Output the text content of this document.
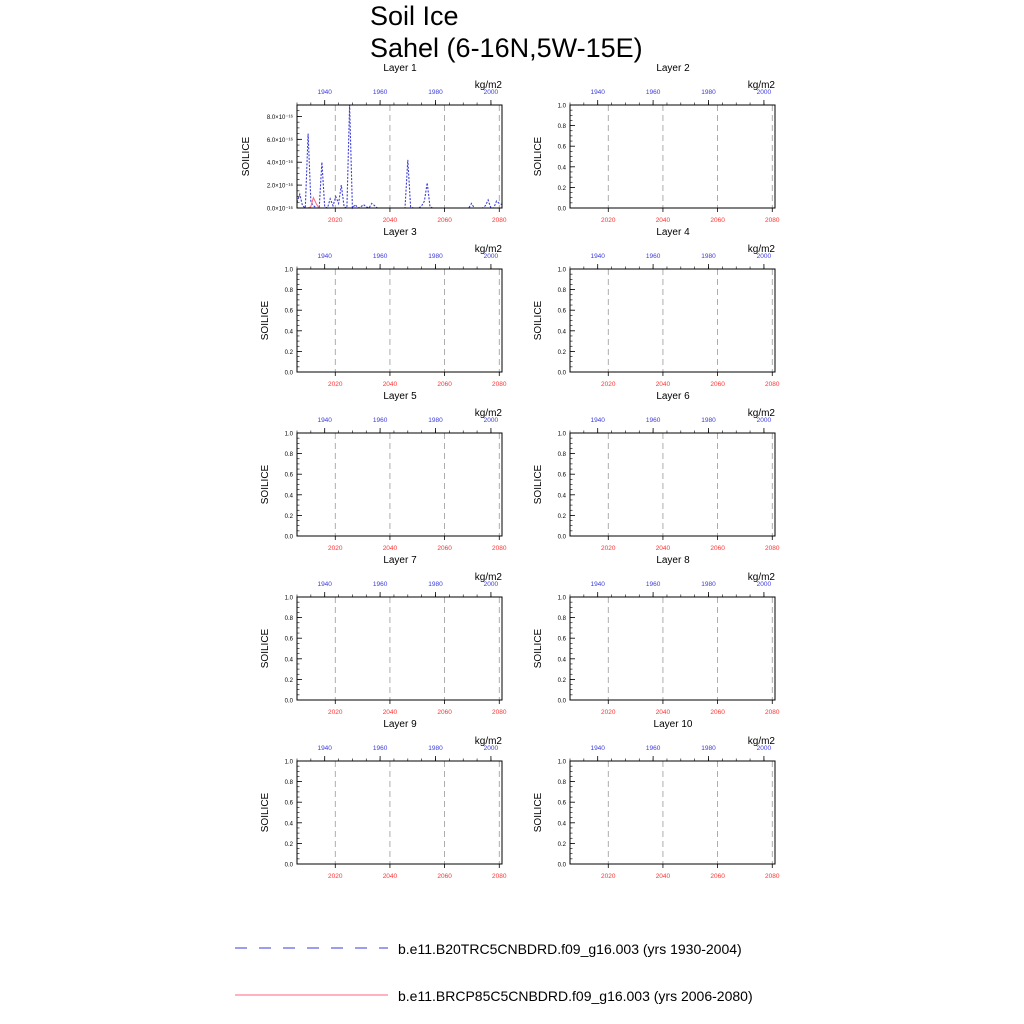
Soil Ice
Sahel (6-16N,5W-15E)
Layer 1
kg/m2
SOILICE
0.0×10⁻¹⁶
2.0×10⁻¹⁶
4.0×10⁻¹⁶
6.0×10⁻¹⁶
8.0×10⁻¹⁶
1940	1960	1980	2000
2020	2040	2060	2080
Layer 2
kg/m2
SOILICE
0.0
0.2
0.4
0.6
0.8
1.0
1940	1960	1980	2000
2020	2040	2060	2080
Layer 3
kg/m2
SOILICE
0.0
0.2
0.4
0.6
0.8
1.0
1940	1960	1980	2000
2020	2040	2060	2080
Layer 4
kg/m2
SOILICE
0.0
0.2
0.4
0.6
0.8
1.0
1940	1960	1980	2000
2020	2040	2060	2080
Layer 5
kg/m2
SOILICE
0.0
0.2
0.4
0.6
0.8
1.0
1940	1960	1980	2000
2020	2040	2060	2080
Layer 6
kg/m2
SOILICE
0.0
0.2
0.4
0.6
0.8
1.0
1940	1960	1980	2000
2020	2040	2060	2080
Layer 7
kg/m2
SOILICE
0.0
0.2
0.4
0.6
0.8
1.0
1940	1960	1980	2000
2020	2040	2060	2080
Layer 8
kg/m2
SOILICE
0.0
0.2
0.4
0.6
0.8
1.0
1940	1960	1980	2000
2020	2040	2060	2080
Layer 9
kg/m2
SOILICE
0.0
0.2
0.4
0.6
0.8
1.0
1940	1960	1980	2000
2020	2040	2060	2080
Layer 10
kg/m2
SOILICE
0.0
0.2
0.4
0.6
0.8
1.0
1940	1960	1980	2000
2020	2040	2060	2080
b.e11.B20TRC5CNBDRD.f09_g16.003 (yrs 1930-2004)
b.e11.BRCP85C5CNBDRD.f09_g16.003 (yrs 2006-2080)
